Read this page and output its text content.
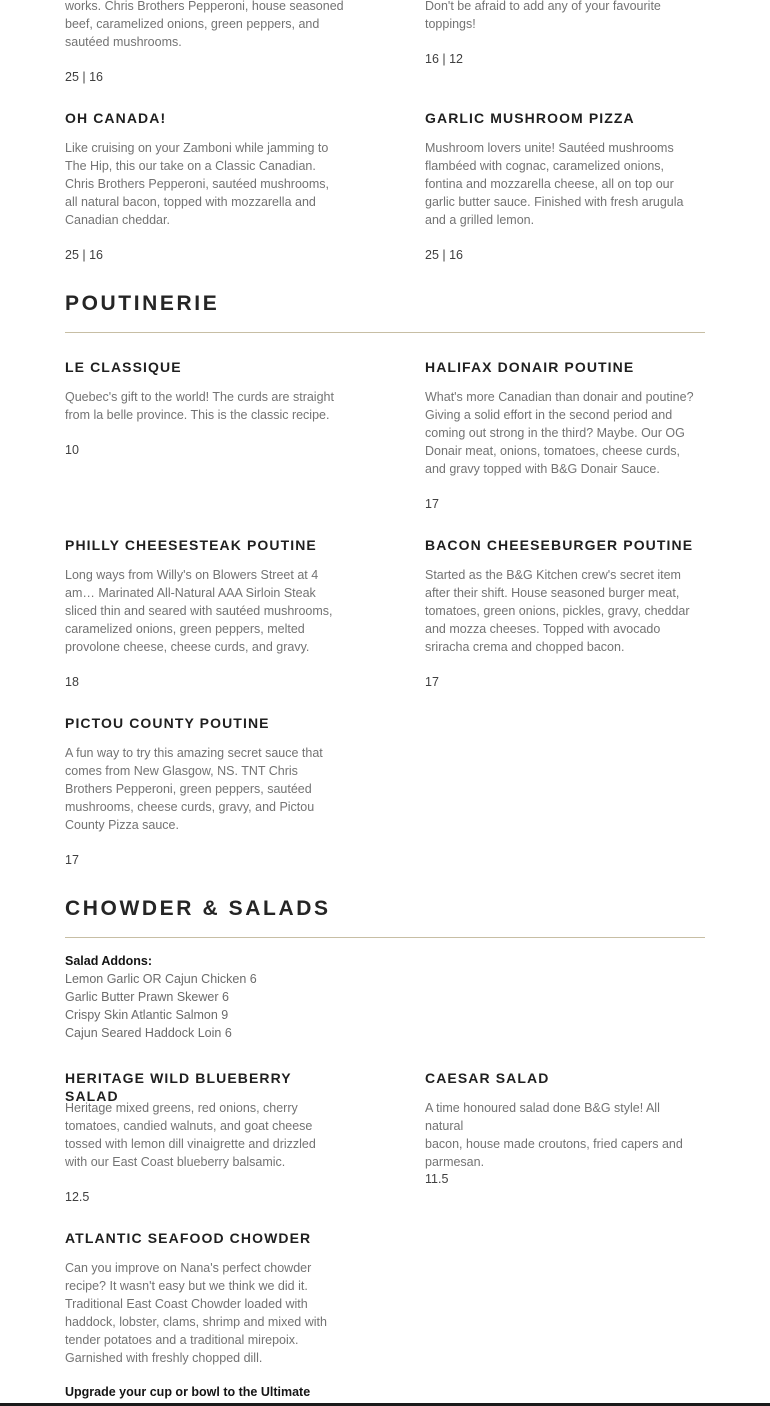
works. Chris Brothers Pepperoni, house seasoned
beef, caramelized onions, green peppers, and
sautéed mushrooms.

25 | 16

Don't be afraid to add any of your favourite
toppings!

16 | 12
OH CANADA!

Like cruising on your Zamboni while jamming to
The Hip, this our take on a Classic Canadian.
Chris Brothers Pepperoni, sautéed mushrooms,
all natural bacon, topped with mozzarella and
Canadian cheddar.

25 | 16
GARLIC MUSHROOM PIZZA

Mushroom lovers unite! Sautéed mushrooms
flambéed with cognac, caramelized onions,
fontina and mozzarella cheese, all on top our
garlic butter sauce. Finished with fresh arugula
and a grilled lemon.

25 | 16
POUTINERIE
LE CLASSIQUE

Quebec's gift to the world! The curds are straight
from la belle province. This is the classic recipe.

10
HALIFAX DONAIR POUTINE

What's more Canadian than donair and poutine?
Giving a solid effort in the second period and
coming out strong in the third? Maybe. Our OG
Donair meat, onions, tomatoes, cheese curds,
and gravy topped with B&G Donair Sauce.

17
PHILLY CHEESESTEAK POUTINE

Long ways from Willy's on Blowers Street at 4
am… Marinated All-Natural AAA Sirloin Steak
sliced thin and seared with sautéed mushrooms,
caramelized onions, green peppers, melted
provolone cheese, cheese curds, and gravy.

18
BACON CHEESEBURGER POUTINE

Started as the B&G Kitchen crew's secret item
after their shift. House seasoned burger meat,
tomatoes, green onions, pickles, gravy, cheddar
and mozza cheeses. Topped with avocado
sriracha crema and chopped bacon.

17
PICTOU COUNTY POUTINE

A fun way to try this amazing secret sauce that
comes from New Glasgow, NS. TNT Chris
Brothers Pepperoni, green peppers, sautéed
mushrooms, cheese curds, gravy, and Pictou
County Pizza sauce.

17
CHOWDER & SALADS
Salad Addons:
Lemon Garlic OR Cajun Chicken 6
Garlic Butter Prawn Skewer 6
Crispy Skin Atlantic Salmon 9
Cajun Seared Haddock Loin 6
HERITAGE WILD BLUEBERRY SALAD

Heritage mixed greens, red onions, cherry
tomatoes, candied walnuts, and goat cheese
tossed with lemon dill vinaigrette and drizzled
with our East Coast blueberry balsamic.

12.5
CAESAR SALAD

A time honoured salad done B&G style! All natural
bacon, house made croutons, fried capers and
parmesan.

11.5
ATLANTIC SEAFOOD CHOWDER

Can you improve on Nana's perfect chowder
recipe? It wasn't easy but we think we did it.
Traditional East Coast Chowder loaded with
haddock, lobster, clams, shrimp and mixed with
tender potatoes and a traditional mirepoix.
Garnished with freshly chopped dill.

Upgrade your cup or bowl to the Ultimate
